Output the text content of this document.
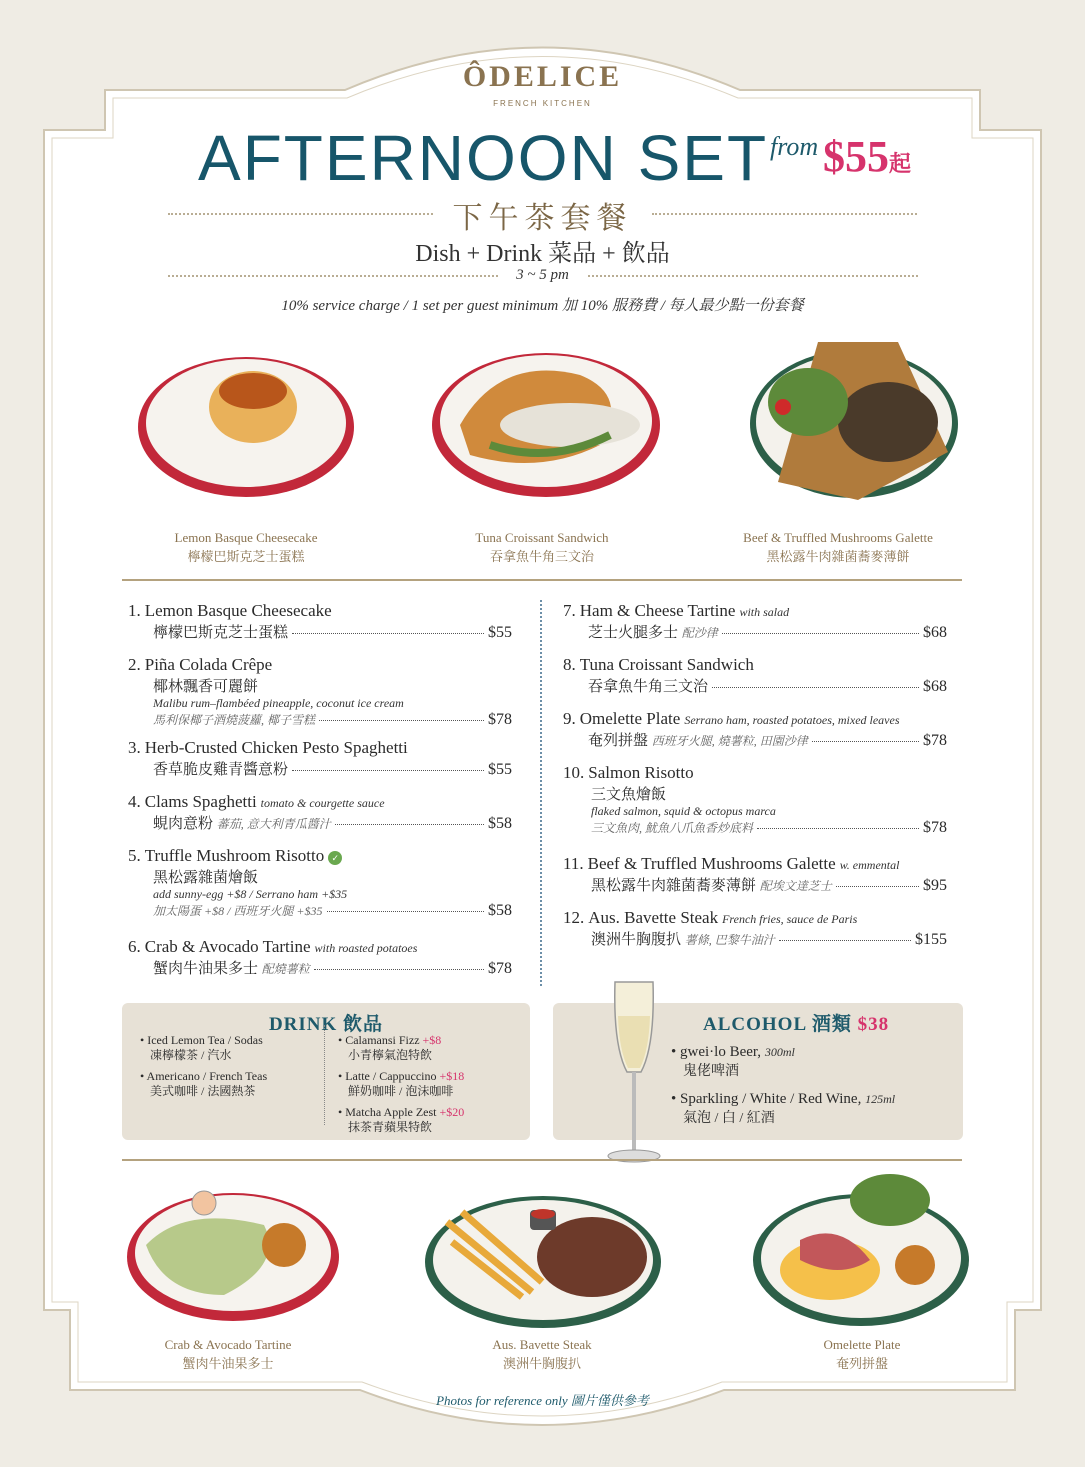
ÔDELICE
FRENCH KITCHEN
AFTERNOON SET from $55起
下午茶套餐
Dish + Drink 菜品 + 飲品
3 ~ 5 pm
10% service charge / 1 set per guest minimum 加 10% 服務費 / 每人最少點一份套餐
Lemon Basque Cheesecake
檸檬巴斯克芝士蛋糕
Tuna Croissant Sandwich
吞拿魚牛角三文治
Beef & Truffled Mushrooms Galette
黑松露牛肉雜菌蕎麥薄餅
1. Lemon Basque Cheesecake
檸檬巴斯克芝士蛋糕	$55
2. Piña Colada Crêpe
椰林飄香可麗餅
Malibu rum–flambéed pineapple, coconut ice cream
馬利保椰子酒燒菠蘿, 椰子雪糕	$78
3. Herb-Crusted Chicken Pesto Spaghetti
香草脆皮雞青醬意粉	$55
4. Clams Spaghetti tomato & courgette sauce
蜆肉意粉
蕃茄, 意大利青瓜醬汁	$58
5. Truffle Mushroom Risotto ✓
黑松露雜菌燴飯
add sunny-egg +$8 / Serrano ham +$35
加太陽蛋 +$8 / 西班牙火腿 +$35	$58
6. Crab & Avocado Tartine with roasted potatoes
蟹肉牛油果多士
配燒薯粒	$78
7. Ham & Cheese Tartine with salad
芝士火腿多士
配沙律	$68
8. Tuna Croissant Sandwich
吞拿魚牛角三文治	$68
9. Omelette Plate Serrano ham, roasted potatoes, mixed leaves
奄列拼盤
西班牙火腿, 燒薯粒, 田園沙律	$78
10. Salmon Risotto
三文魚燴飯
flaked salmon, squid & octopus marca
三文魚肉, 魷魚八爪魚香炒底料	$78
11. Beef & Truffled Mushrooms Galette w. emmental
黑松露牛肉雜菌蕎麥薄餅
配埃文達芝士	$95
12. Aus. Bavette Steak French fries, sauce de Paris
澳洲牛胸腹扒
薯條, 巴黎牛油汁	$155
DRINK 飲品
• Iced Lemon Tea / Sodas
凍檸檬茶 / 汽水
• Americano / French Teas
美式咖啡 / 法國熱茶
• Calamansi Fizz +$8
小青檸氣泡特飲
• Latte / Cappuccino +$18
鮮奶咖啡 / 泡沫咖啡
• Matcha Apple Zest +$20
抹茶青蘋果特飲
ALCOHOL 酒類 $38
• gwei·lo Beer, 300ml
鬼佬啤酒
• Sparkling / White / Red Wine, 125ml
氣泡 / 白 / 紅酒
Crab & Avocado Tartine
蟹肉牛油果多士
Aus. Bavette Steak
澳洲牛胸腹扒
Omelette Plate
奄列拼盤
Photos for reference only 圖片僅供參考
